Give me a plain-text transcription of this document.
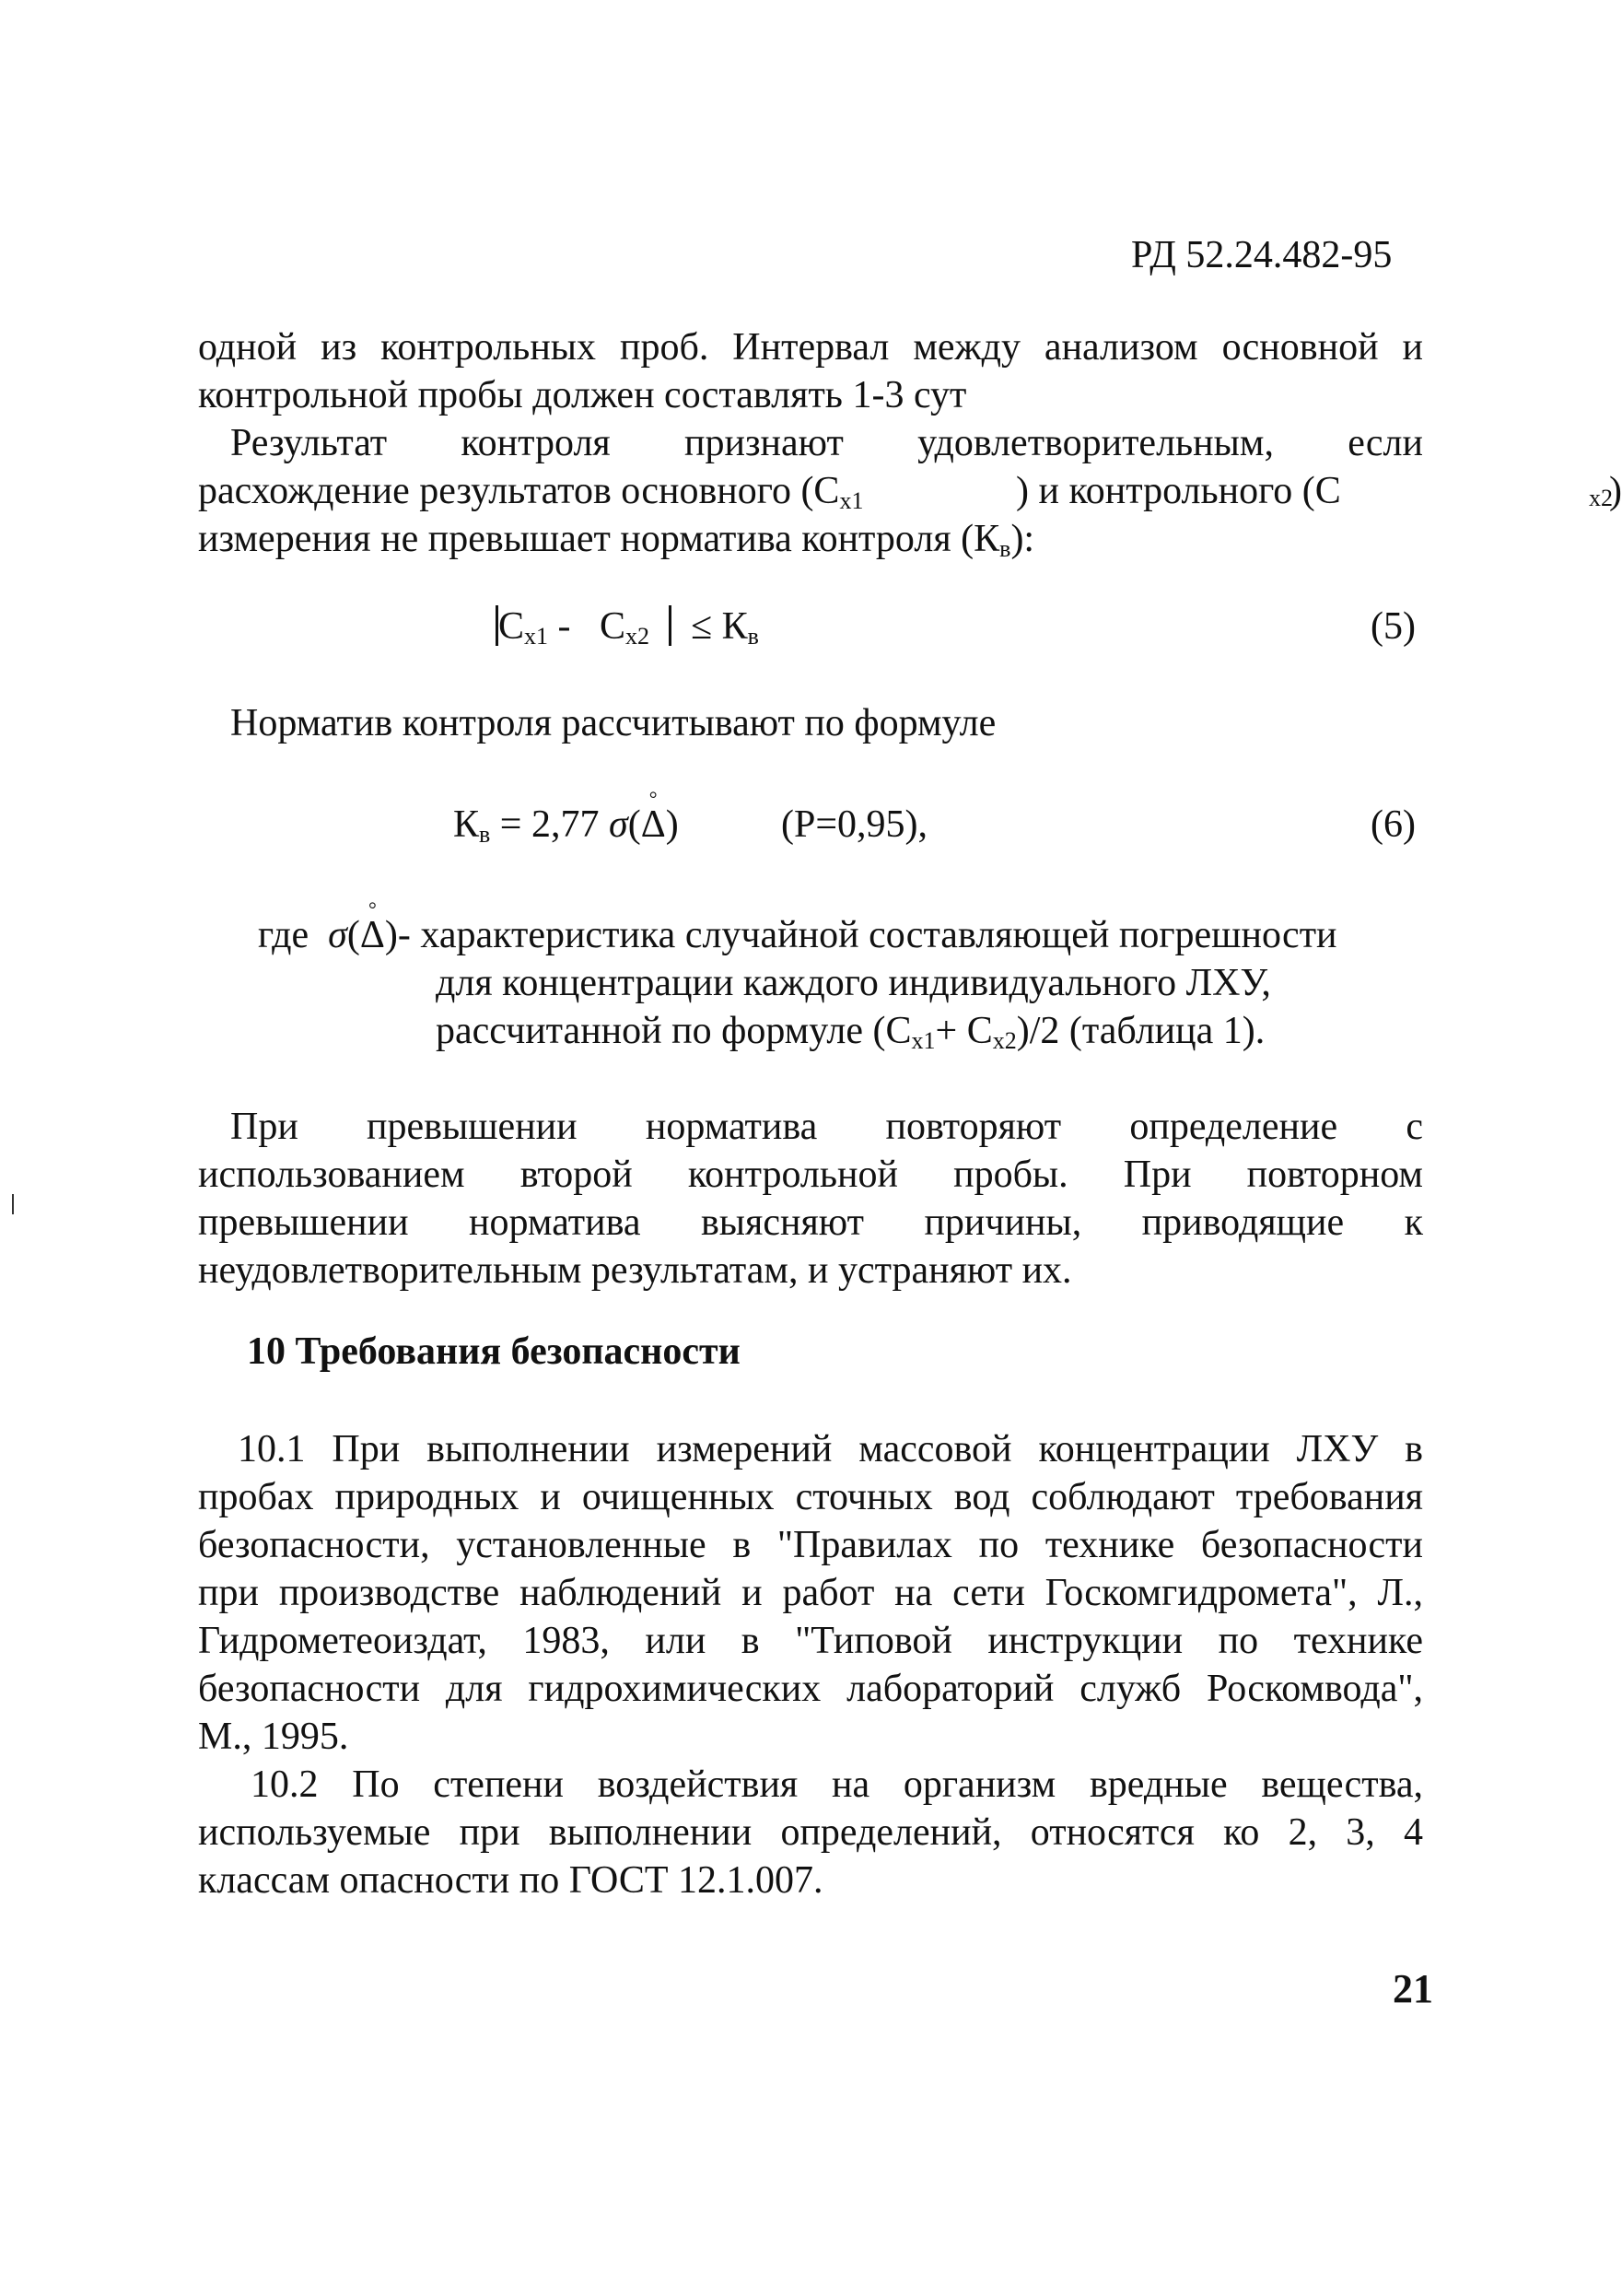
РД 52.24.482-95
одной из контрольных проб. Интервал между анализом основной и
контрольной пробы должен составлять 1-3 сут
Результат контроля признают удовлетворительным, если
расхождение результатов основного ($С_{x1}$	) и контрольного (С	x2
)
измерения не превышает норматива контроля $(К_в)$:
$С_{x1} - С_{x2} \le К_в$	(5)
Норматив контроля рассчитывают по формуле
$К_в = 2,77$ σ(
°
Δ)	(Р=0,95),	(6)
где σ(
°
Δ)- характеристика случайной составляющей погрешности
для концентрации каждого индивидуального ЛХУ,
рассчитанной по формуле $(С_{x1}+ С_{x2})/2$ (таблица 1).
При превышении норматива повторяют определение с
использованием второй контрольной пробы. При повторном
превышении норматива выясняют причины, приводящие к
неудовлетворительным результатам, и устраняют их.
10 Требования безопасности
10.1 При выполнении измерений массовой концентрации ЛХУ в
пробах природных и очищенных сточных вод соблюдают требования
безопасности, установленные в "Правилах по технике безопасности
при производстве наблюдений и работ на сети Госкомгидромета", Л.,
Гидрометеоиздат, 1983, или в "Типовой инструкции по технике
безопасности для гидрохимических лабораторий служб Роскомвода",
М., 1995.
10.2 По степени воздействия на организм вредные вещества,
используемые при выполнении определений, относятся ко 2, 3, 4
классам опасности по ГОСТ 12.1.007.
21
